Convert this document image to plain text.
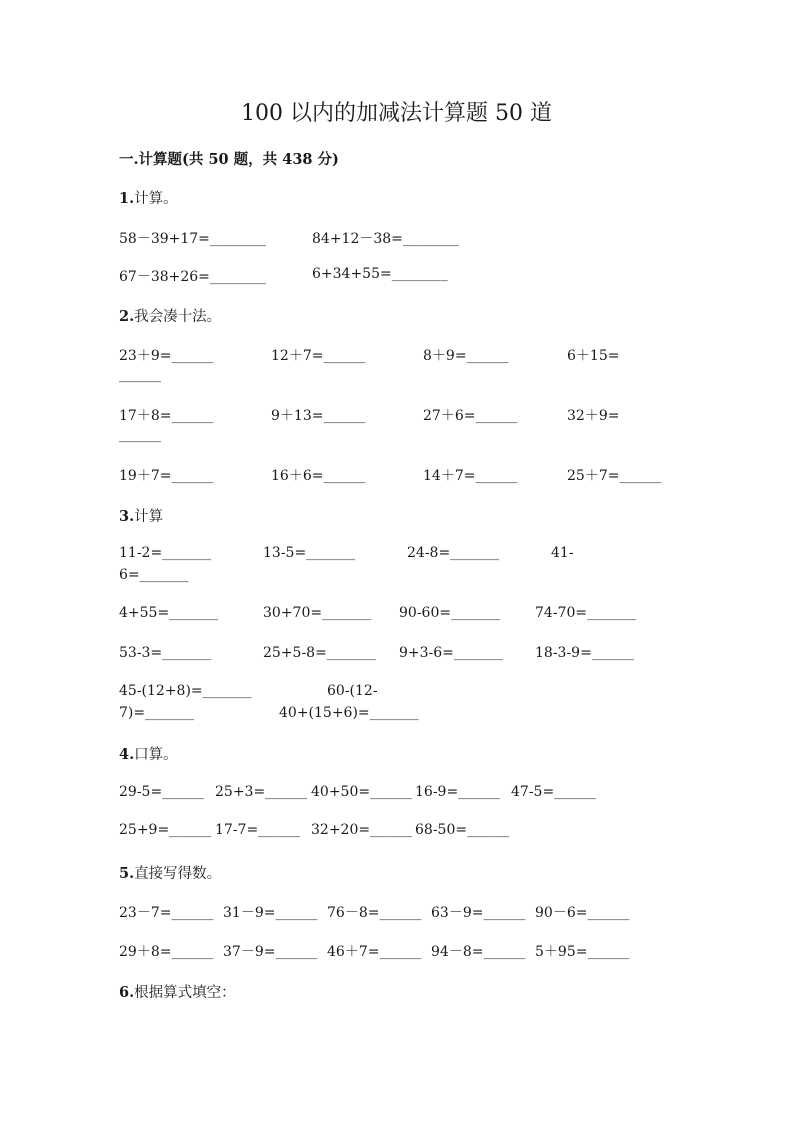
100 以内的加减法计算题 50 道
一.计算题(共 50 题，共 438 分)
1.计算。
58－39+17=________	84+12－38=________
67－38+26=________	6+34+55=________
2.我会凑十法。
23＋9=______	12＋7=______	8＋9=______	6＋15=
______
17＋8=______	9＋13=______	27＋6=______	32＋9=
______
19＋7=______	16＋6=______	14＋7=______	25＋7=______
3.计算
11-2=_______	13-5=_______	24-8=_______	41-
6=_______
4+55=_______	30+70=_______ 90-60=_______ 74-70=_______
53-3=_______	25+5-8=_______ 9+3-6=_______ 18-3-9=______
45-(12+8)=_______	60-(12-
7)=_______	40+(15+6)=_______
4.口算。
29-5=______ 25+3=______ 40+50=______ 16-9=______ 47-5=______
25+9=______ 17-7=______ 32+20=______ 68-50=______
5.直接写得数。
23－7=______ 31－9=______ 76－8=______ 63－9=______ 90－6=______
29＋8=______ 37－9=______ 46＋7=______ 94－8=______ 5＋95=______
6.根据算式填空：
